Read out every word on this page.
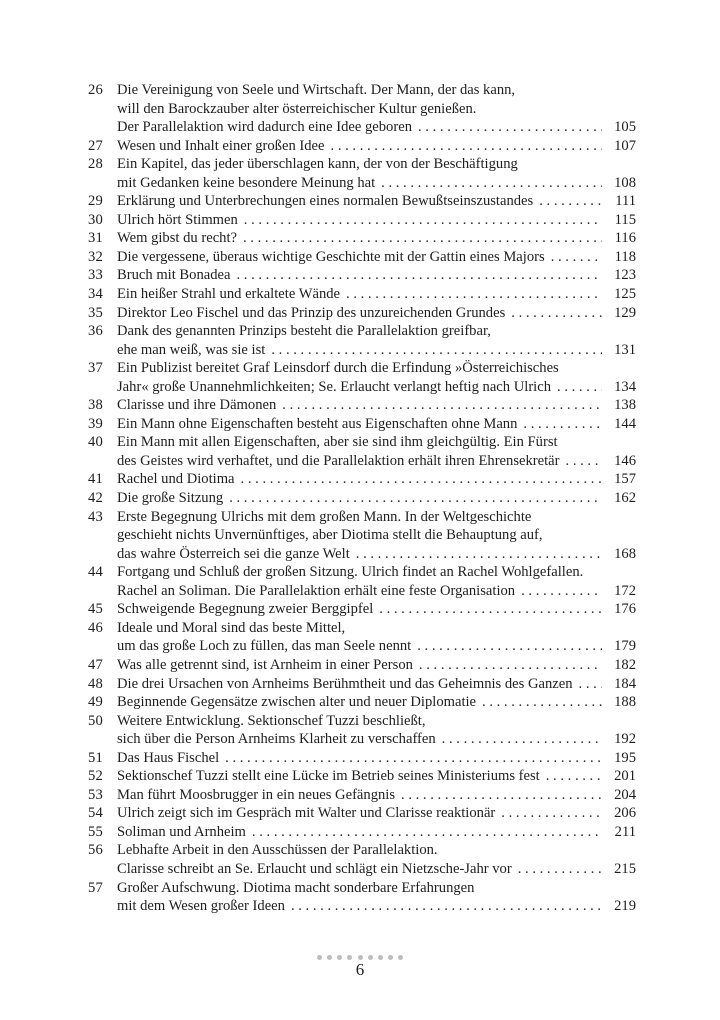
26 Die Vereinigung von Seele und Wirtschaft. Der Mann, der das kann,
will den Barockzauber alter österreichischer Kultur genießen.
Der Parallelaktion wird dadurch eine Idee geboren . . .	105
27 Wesen und Inhalt einer großen Idee . . .	107
28 Ein Kapitel, das jeder überschlagen kann, der von der Beschäftigung
mit Gedanken keine besondere Meinung hat . . .	108
29 Erklärung und Unterbrechungen eines normalen Bewußtseinszustandes . . .	111
30 Ulrich hört Stimmen . . .	115
31 Wem gibst du recht? . . .	116
32 Die vergessene, überaus wichtige Geschichte mit der Gattin eines Majors . . .	118
33 Bruch mit Bonadea . . .	123
34 Ein heißer Strahl und erkaltete Wände . . .	125
35 Direktor Leo Fischel und das Prinzip des unzureichenden Grundes . . .	129
36 Dank des genannten Prinzips besteht die Parallelaktion greifbar,
ehe man weiß, was sie ist . . .	131
37 Ein Publizist bereitet Graf Leinsdorf durch die Erfindung »Österreichisches
Jahr« große Unannehmlichkeiten; Se. Erlaucht verlangt heftig nach Ulrich . . .	134
38 Clarisse und ihre Dämonen . . .	138
39 Ein Mann ohne Eigenschaften besteht aus Eigenschaften ohne Mann . . .	144
40 Ein Mann mit allen Eigenschaften, aber sie sind ihm gleichgültig. Ein Fürst
des Geistes wird verhaftet, und die Parallelaktion erhält ihren Ehrensekretär . . .	146
41 Rachel und Diotima . . .	157
42 Die große Sitzung . . .	162
43 Erste Begegnung Ulrichs mit dem großen Mann. In der Weltgeschichte
geschieht nichts Unvernünftiges, aber Diotima stellt die Behauptung auf,
das wahre Österreich sei die ganze Welt . . .	168
44 Fortgang und Schluß der großen Sitzung. Ulrich findet an Rachel Wohlgefallen.
Rachel an Soliman. Die Parallelaktion erhält eine feste Organisation . . .	172
45 Schweigende Begegnung zweier Berggipfel . . .	176
46 Ideale und Moral sind das beste Mittel,
um das große Loch zu füllen, das man Seele nennt . . .	179
47 Was alle getrennt sind, ist Arnheim in einer Person . . .	182
48 Die drei Ursachen von Arnheims Berühmtheit und das Geheimnis des Ganzen . . .	184
49 Beginnende Gegensätze zwischen alter und neuer Diplomatie . . .	188
50 Weitere Entwicklung. Sektionschef Tuzzi beschließt,
sich über die Person Arnheims Klarheit zu verschaffen . . .	192
51 Das Haus Fischel . . .	195
52 Sektionschef Tuzzi stellt eine Lücke im Betrieb seines Ministeriums fest . . .	201
53 Man führt Moosbrugger in ein neues Gefängnis . . .	204
54 Ulrich zeigt sich im Gespräch mit Walter und Clarisse reaktionär . . .	206
55 Soliman und Arnheim . . .	211
56 Lebhafte Arbeit in den Ausschüssen der Parallelaktion.
Clarisse schreibt an Se. Erlaucht und schlägt ein Nietzsche-Jahr vor . . .	215
57 Großer Aufschwung. Diotima macht sonderbare Erfahrungen
mit dem Wesen großer Ideen . . .	219
6
